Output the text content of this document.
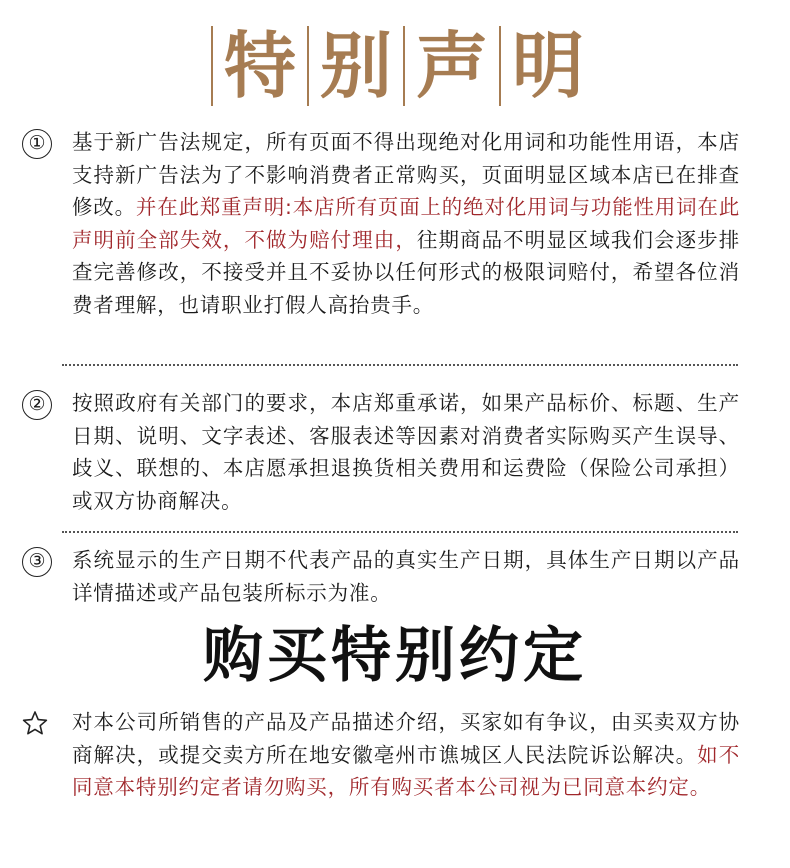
特 别 声 明
①	基于新广告法规定，所有页面不得出现绝对化用词和功能性用语，本店支持新广告法为了不影响消费者正常购买，页面明显区域本店已在排查修改。并在此郑重声明:本店所有页面上的绝对化用词与功能性用词在此声明前全部失效，不做为赔付理由，往期商品不明显区域我们会逐步排查完善修改，不接受并且不妥协以任何形式的极限词赔付，希望各位消费者理解，也请职业打假人高抬贵手。
②	按照政府有关部门的要求，本店郑重承诺，如果产品标价、标题、生产日期、说明、文字表述、客服表述等因素对消费者实际购买产生误导、歧义、联想的、本店愿承担退换货相关费用和运费险（保险公司承担）或双方协商解决。
③	系统显示的生产日期不代表产品的真实生产日期，具体生产日期以产品详情描述或产品包装所标示为准。
购买特别约定
对本公司所销售的产品及产品描述介绍，买家如有争议，由买卖双方协商解决，或提交卖方所在地安徽亳州市谯城区人民法院诉讼解决。如不同意本特别约定者请勿购买，所有购买者本公司视为已同意本约定。
